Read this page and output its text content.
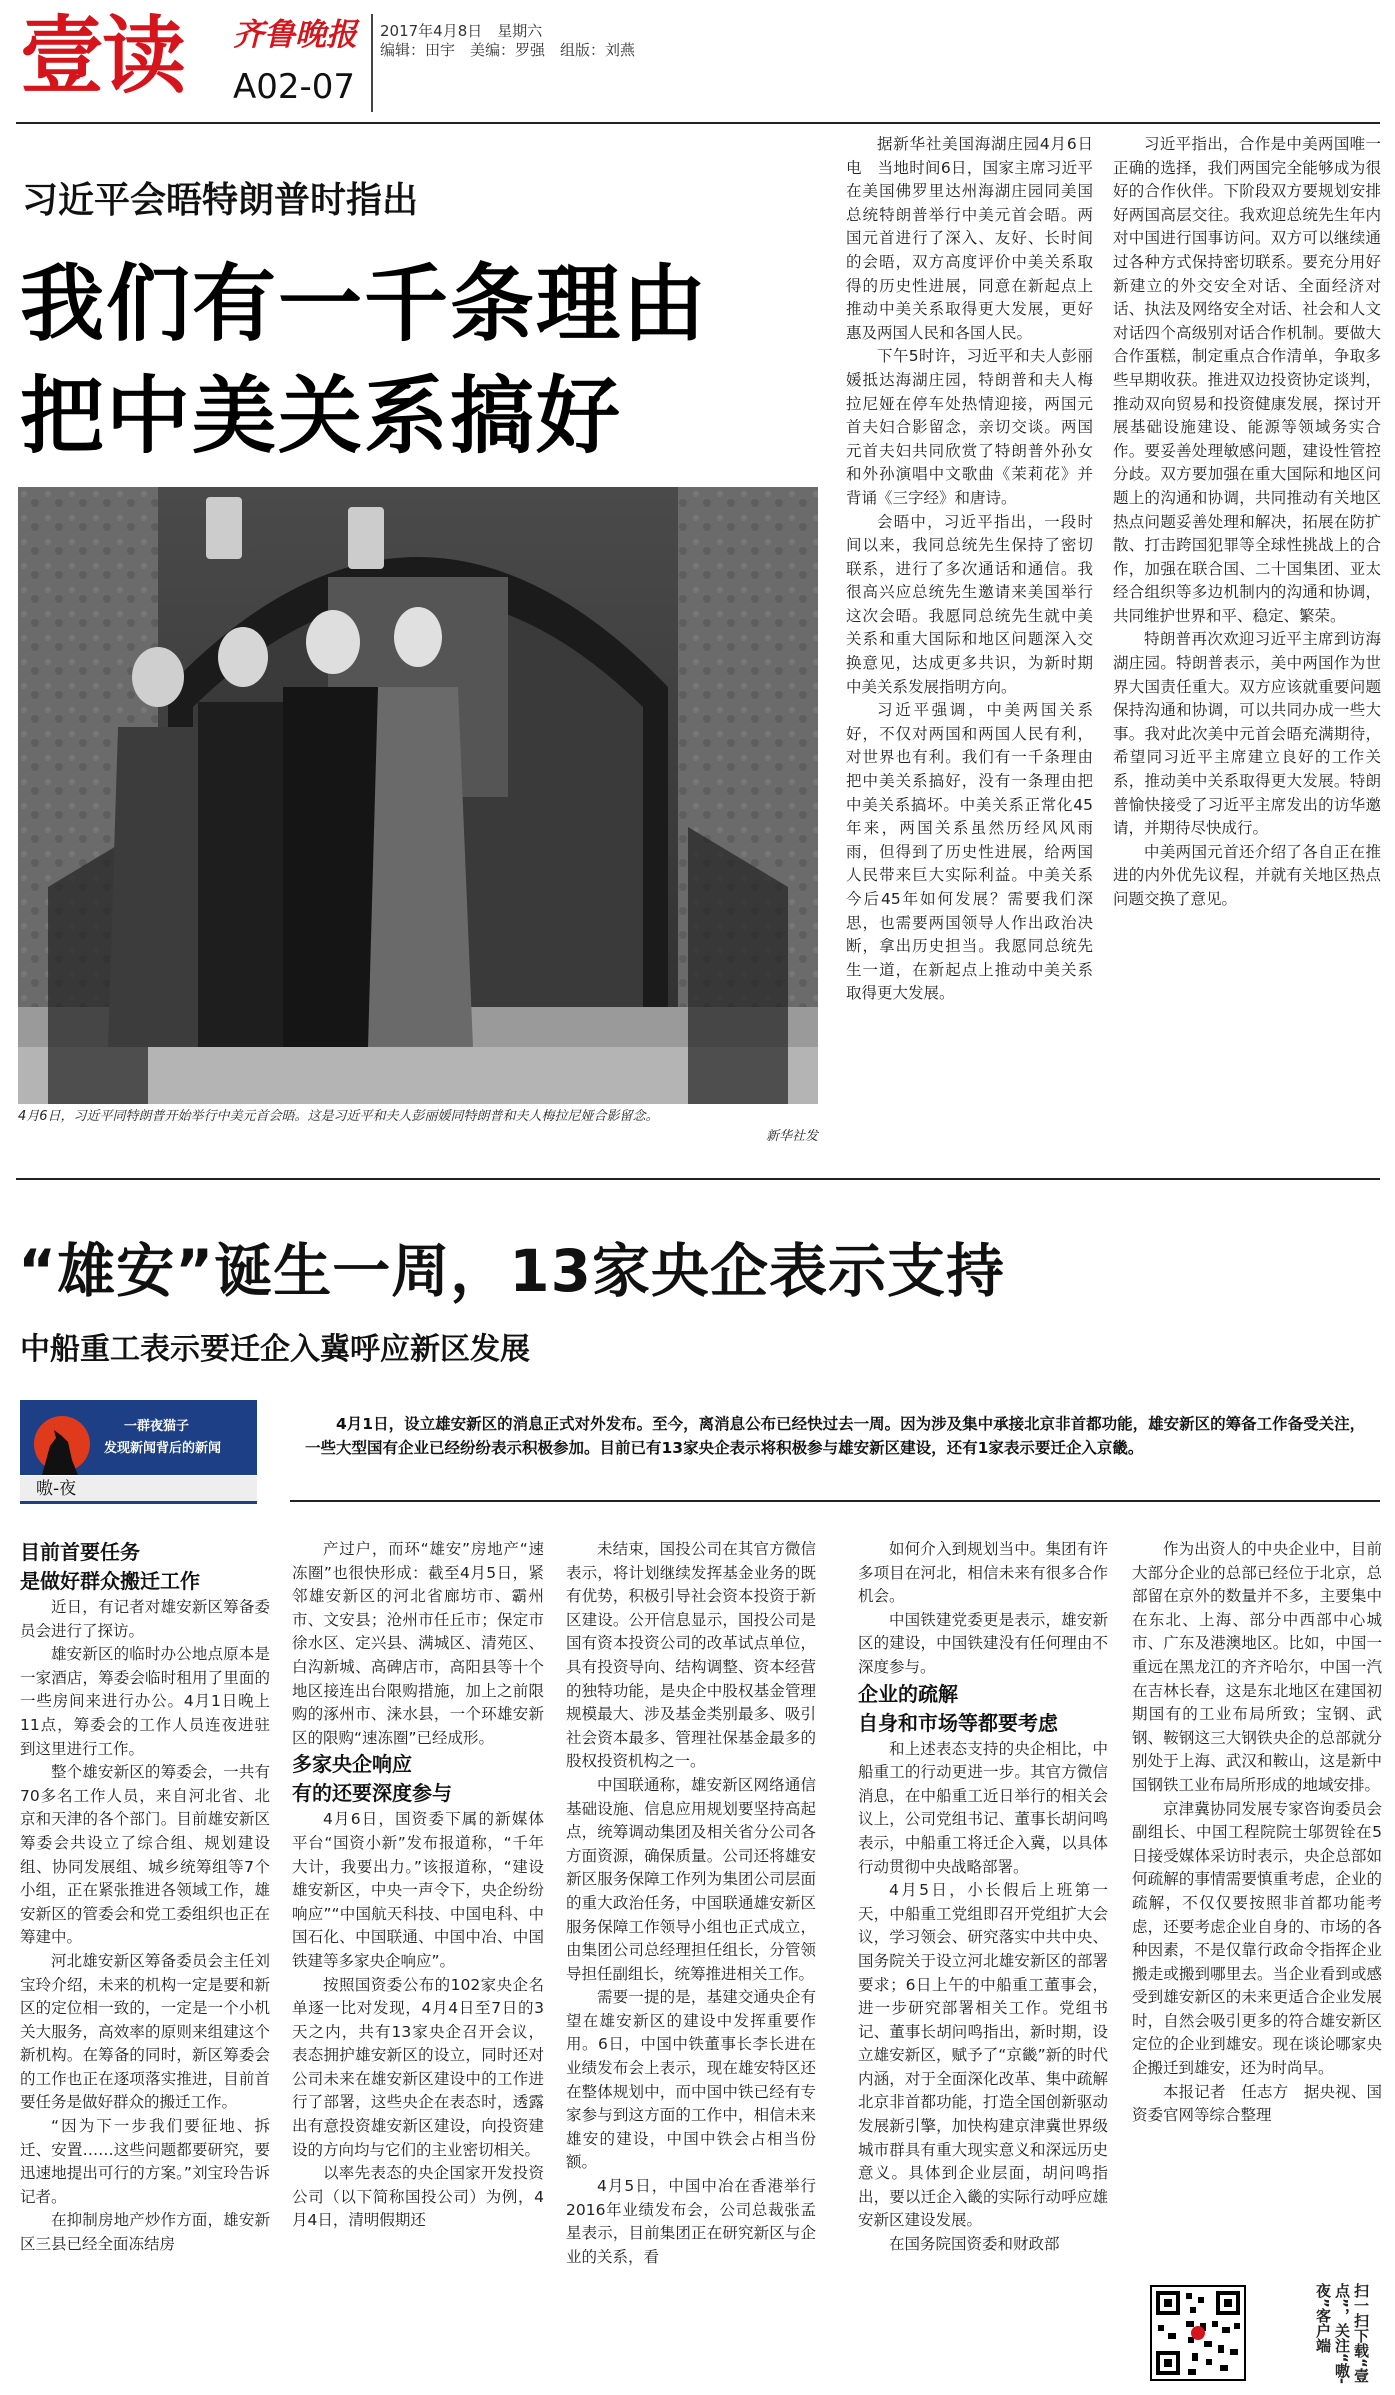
壹读 齐鲁晚报
A02-07
2017年4月8日　星期六
编辑：田宇　美编：罗强　组版：刘燕
习近平会晤特朗普时指出
我们有一千条理由
把中美关系搞好
4月6日，习近平同特朗普开始举行中美元首会晤。这是习近平和夫人彭丽媛同特朗普和夫人梅拉尼娅合影留念。
新华社发

据新华社美国海湖庄园4月6日电　当地时间6日，国家主席习近平在美国佛罗里达州海湖庄园同美国总统特朗普举行中美元首会晤。两国元首进行了深入、友好、长时间的会晤，双方高度评价中美关系取得的历史性进展，同意在新起点上推动中美关系取得更大发展，更好惠及两国人民和各国人民。

下午5时许，习近平和夫人彭丽媛抵达海湖庄园，特朗普和夫人梅拉尼娅在停车处热情迎接，两国元首夫妇合影留念，亲切交谈。两国元首夫妇共同欣赏了特朗普外孙女和外孙演唱中文歌曲《茉莉花》并背诵《三字经》和唐诗。

会晤中，习近平指出，一段时间以来，我同总统先生保持了密切联系，进行了多次通话和通信。我很高兴应总统先生邀请来美国举行这次会晤。我愿同总统先生就中美关系和重大国际和地区问题深入交换意见，达成更多共识，为新时期中美关系发展指明方向。

习近平强调，中美两国关系好，不仅对两国和两国人民有利，对世界也有利。我们有一千条理由把中美关系搞好，没有一条理由把中美关系搞坏。中美关系正常化45年来，两国关系虽然历经风风雨雨，但得到了历史性进展，给两国人民带来巨大实际利益。中美关系今后45年如何发展？需要我们深思，也需要两国领导人作出政治决断，拿出历史担当。我愿同总统先生一道，在新起点上推动中美关系取得更大发展。

习近平指出，合作是中美两国唯一正确的选择，我们两国完全能够成为很好的合作伙伴。下阶段双方要规划安排好两国高层交往。我欢迎总统先生年内对中国进行国事访问。双方可以继续通过各种方式保持密切联系。要充分用好新建立的外交安全对话、全面经济对话、执法及网络安全对话、社会和人文对话四个高级别对话合作机制。要做大合作蛋糕，制定重点合作清单，争取多些早期收获。推进双边投资协定谈判，推动双向贸易和投资健康发展，探讨开展基础设施建设、能源等领域务实合作。要妥善处理敏感问题，建设性管控分歧。双方要加强在重大国际和地区问题上的沟通和协调，共同推动有关地区热点问题妥善处理和解决，拓展在防扩散、打击跨国犯罪等全球性挑战上的合作，加强在联合国、二十国集团、亚太经合组织等多边机制内的沟通和协调，共同维护世界和平、稳定、繁荣。

特朗普再次欢迎习近平主席到访海湖庄园。特朗普表示，美中两国作为世界大国责任重大。双方应该就重要问题保持沟通和协调，可以共同办成一些大事。我对此次美中元首会晤充满期待，希望同习近平主席建立良好的工作关系，推动美中关系取得更大发展。特朗普愉快接受了习近平主席发出的访华邀请，并期待尽快成行。

中美两国元首还介绍了各自正在推进的内外优先议程，并就有关地区热点问题交换了意见。

“雄安”诞生一周，13家央企表示支持
中船重工表示要迁企入冀呼应新区发展
一群夜猫子
发现新闻背后的新闻
嗷-夜
4月1日，设立雄安新区的消息正式对外发布。至今，离消息公布已经快过去一周。因为涉及集中承接北京非首都功能，雄安新区的筹备工作备受关注，一些大型国有企业已经纷纷表示积极参加。目前已有13家央企表示将积极参与雄安新区建设，还有1家表示要迁企入京畿。
目前首要任务
是做好群众搬迁工作

近日，有记者对雄安新区筹备委员会进行了探访。

雄安新区的临时办公地点原本是一家酒店，筹委会临时租用了里面的一些房间来进行办公。4月1日晚上11点，筹委会的工作人员连夜进驻到这里进行工作。

整个雄安新区的筹委会，一共有70多名工作人员，来自河北省、北京和天津的各个部门。目前雄安新区筹委会共设立了综合组、规划建设组、协同发展组、城乡统筹组等7个小组，正在紧张推进各领域工作，雄安新区的管委会和党工委组织也正在筹建中。

河北雄安新区筹备委员会主任刘宝玲介绍，未来的机构一定是要和新区的定位相一致的，一定是一个小机关大服务，高效率的原则来组建这个新机构。在筹备的同时，新区筹委会的工作也正在逐项落实推进，目前首要任务是做好群众的搬迁工作。

“因为下一步我们要征地、拆迁、安置……这些问题都要研究，要迅速地提出可行的方案。”刘宝玲告诉记者。

在抑制房地产炒作方面，雄安新区三县已经全面冻结房

产过户，而环“雄安”房地产“速冻圈”也很快形成：截至4月5日，紧邻雄安新区的河北省廊坊市、霸州市、文安县；沧州市任丘市；保定市徐水区、定兴县、满城区、清苑区、白沟新城、高碑店市，高阳县等十个地区接连出台限购措施，加上之前限购的涿州市、涞水县，一个环雄安新区的限购“速冻圈”已经成形。

多家央企响应
有的还要深度参与

4月6日，国资委下属的新媒体平台“国资小新”发布报道称，“千年大计，我要出力。”该报道称，“建设雄安新区，中央一声令下，央企纷纷响应”“中国航天科技、中国电科、中国石化、中国联通、中国中冶、中国铁建等多家央企响应”。

按照国资委公布的102家央企名单逐一比对发现，4月4日至7日的3天之内，共有13家央企召开会议，表态拥护雄安新区的设立，同时还对公司未来在雄安新区建设中的工作进行了部署，这些央企在表态时，透露出有意投资雄安新区建设，向投资建设的方向均与它们的主业密切相关。

以率先表态的央企国家开发投资公司（以下简称国投公司）为例，4月4日，清明假期还

未结束，国投公司在其官方微信表示，将计划继续发挥基金业务的既有优势，积极引导社会资本投资于新区建设。公开信息显示，国投公司是国有资本投资公司的改革试点单位，具有投资导向、结构调整、资本经营的独特功能，是央企中股权基金管理规模最大、涉及基金类别最多、吸引社会资本最多、管理社保基金最多的股权投资机构之一。

中国联通称，雄安新区网络通信基础设施、信息应用规划要坚持高起点，统筹调动集团及相关省分公司各方面资源，确保质量。公司还将雄安新区服务保障工作列为集团公司层面的重大政治任务，中国联通雄安新区服务保障工作领导小组也正式成立，由集团公司总经理担任组长，分管领导担任副组长，统筹推进相关工作。

需要一提的是，基建交通央企有望在雄安新区的建设中发挥重要作用。6日，中国中铁董事长李长进在业绩发布会上表示，现在雄安特区还在整体规划中，而中国中铁已经有专家参与到这方面的工作中，相信未来雄安的建设，中国中铁会占相当份额。

4月5日，中国中冶在香港举行2016年业绩发布会，公司总裁张孟星表示，目前集团正在研究新区与企业的关系，看

如何介入到规划当中。集团有许多项目在河北，相信未来有很多合作机会。

中国铁建党委更是表示，雄安新区的建设，中国铁建没有任何理由不深度参与。

企业的疏解
自身和市场等都要考虑

和上述表态支持的央企相比，中船重工的行动更进一步。其官方微信消息，在中船重工近日举行的相关会议上，公司党组书记、董事长胡问鸣表示，中船重工将迁企入冀，以具体行动贯彻中央战略部署。

4月5日，小长假后上班第一天，中船重工党组即召开党组扩大会议，学习领会、研究落实中共中央、国务院关于设立河北雄安新区的部署要求；6日上午的中船重工董事会，进一步研究部署相关工作。党组书记、董事长胡问鸣指出，新时期，设立雄安新区，赋予了“京畿”新的时代内涵，对于全面深化改革、集中疏解北京非首都功能，打造全国创新驱动发展新引擎，加快构建京津冀世界级城市群具有重大现实意义和深远历史意义。具体到企业层面，胡问鸣指出，要以迁企入畿的实际行动呼应雄安新区建设发展。

在国务院国资委和财政部

作为出资人的中央企业中，目前大部分企业的总部已经位于北京，总部留在京外的数量并不多，主要集中在东北、上海、部分中西部中心城市、广东及港澳地区。比如，中国一重远在黑龙江的齐齐哈尔，中国一汽在吉林长春，这是东北地区在建国初期国有的工业布局所致；宝钢、武钢、鞍钢这三大钢铁央企的总部就分别处于上海、武汉和鞍山，这是新中国钢铁工业布局所形成的地域安排。

京津冀协同发展专家咨询委员会副组长、中国工程院院士邬贺铨在5日接受媒体采访时表示，央企总部如何疏解的事情需要慎重考虑，企业的疏解，不仅仅要按照非首都功能考虑，还要考虑企业自身的、市场的各种因素，不是仅靠行政命令指挥企业搬走或搬到哪里去。当企业看到或感受到雄安新区的未来更适合企业发展时，自然会吸引更多的符合雄安新区定位的企业到雄安。现在谈论哪家央企搬迁到雄安，还为时尚早。

本报记者　任志方　据央视、国资委官网等综合整理

扫一扫下载“壹点”，关注“嗷-夜”客户端
